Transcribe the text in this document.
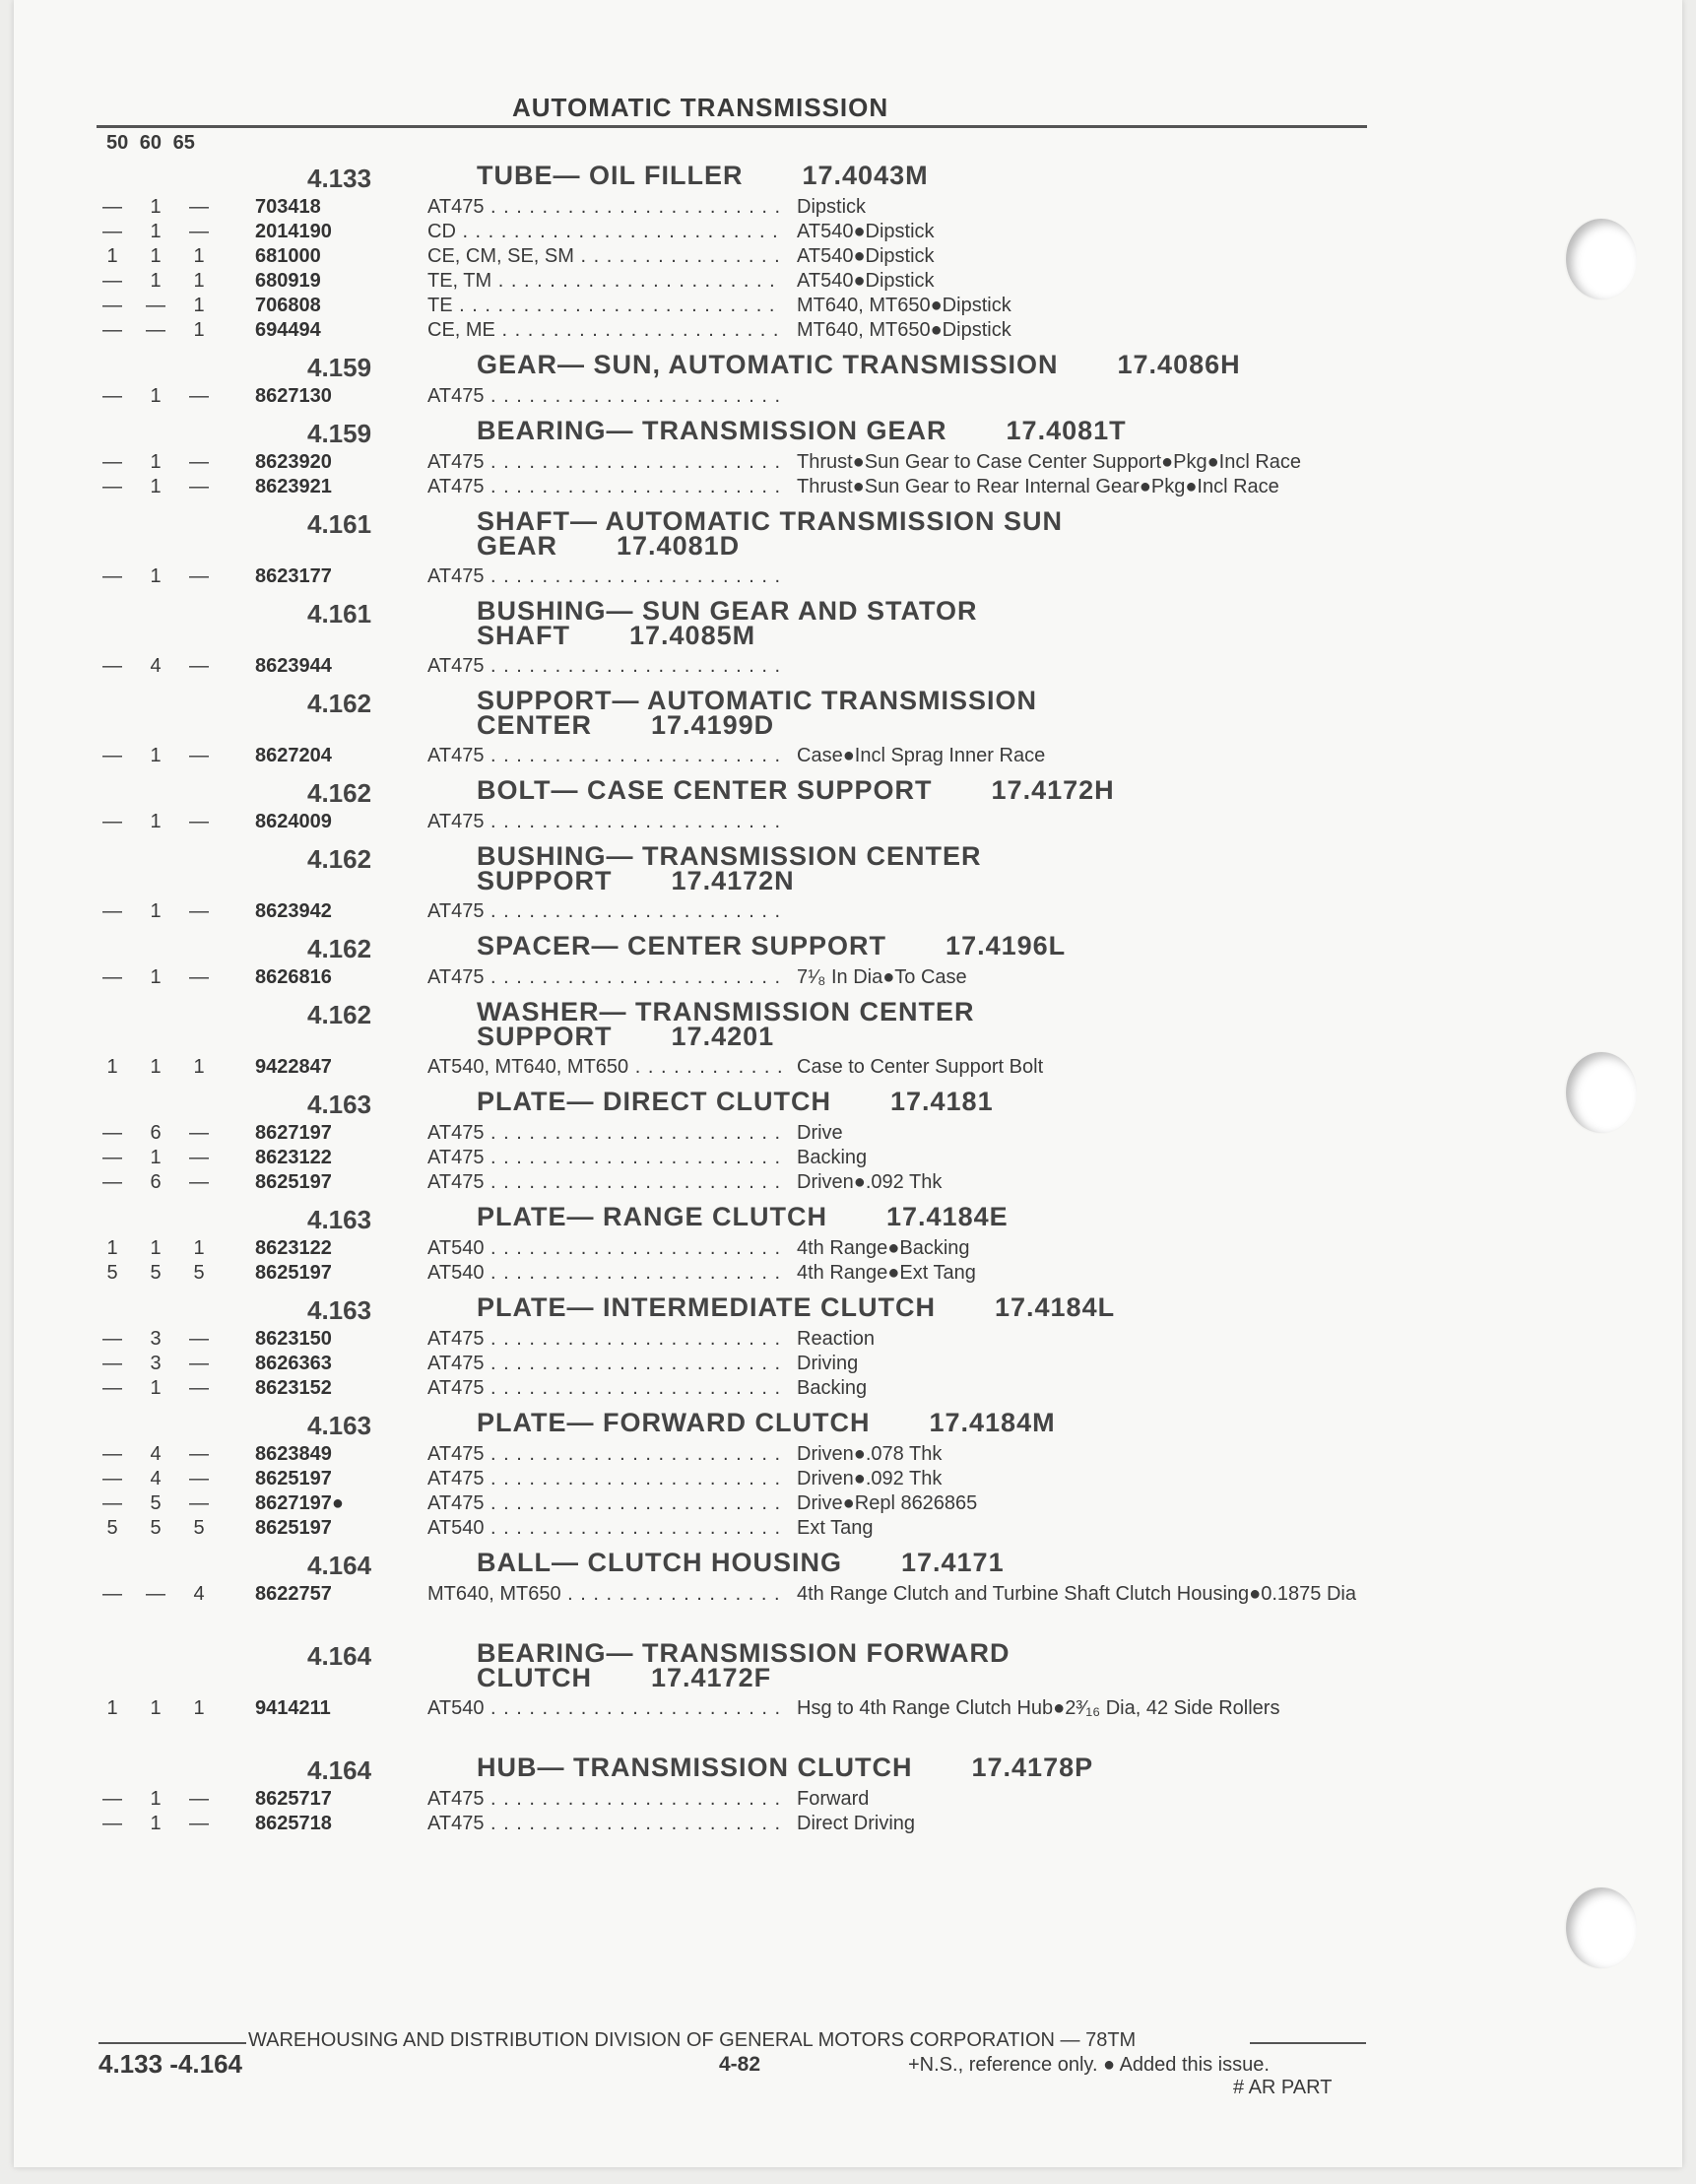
AUTOMATIC TRANSMISSION
50 60 65
4.133	TUBE— OIL FILLER 17.4043M
—	1	—	703418	AT475 . . .	Dipstick
—	1	—	2014190	CD . . .	AT540●Dipstick
1	1	1	681000	CE, CM, SE, SM . . .	AT540●Dipstick
—	1	1	680919	TE, TM . . .	AT540●Dipstick
—	—	1	706808	TE . . .	MT640, MT650●Dipstick
—	—	1	694494	CE, ME . . .	MT640, MT650●Dipstick
4.159	GEAR— SUN, AUTOMATIC TRANSMISSION 17.4086H
—	1	—	8627130	AT475 . . .
4.159	BEARING— TRANSMISSION GEAR 17.4081T
—	1	—	8623920	AT475 . . .	Thrust●Sun Gear to Case Center Support●Pkg●Incl Race
—	1	—	8623921	AT475 . . .	Thrust●Sun Gear to Rear Internal Gear●Pkg●Incl Race
4.161	SHAFT— AUTOMATIC TRANSMISSION SUN
GEAR 17.4081D
—	1	—	8623177	AT475 . . .
4.161	BUSHING— SUN GEAR AND STATOR
SHAFT 17.4085M
—	4	—	8623944	AT475 . . .
4.162	SUPPORT— AUTOMATIC TRANSMISSION
CENTER 17.4199D
—	1	—	8627204	AT475 . . .	Case●Incl Sprag Inner Race
4.162	BOLT— CASE CENTER SUPPORT 17.4172H
—	1	—	8624009	AT475 . . .
4.162	BUSHING— TRANSMISSION CENTER
SUPPORT 17.4172N
—	1	—	8623942	AT475 . . .
4.162	SPACER— CENTER SUPPORT 17.4196L
—	1	—	8626816	AT475 . . .	7¹⁄₈ In Dia●To Case
4.162	WASHER— TRANSMISSION CENTER
SUPPORT 17.4201
1	1	1	9422847	AT540, MT640, MT650 . . .	Case to Center Support Bolt
4.163	PLATE— DIRECT CLUTCH 17.4181
—	6	—	8627197	AT475 . . .	Drive
—	1	—	8623122	AT475 . . .	Backing
—	6	—	8625197	AT475 . . .	Driven●.092 Thk
4.163	PLATE— RANGE CLUTCH 17.4184E
1	1	1	8623122	AT540 . . .	4th Range●Backing
5	5	5	8625197	AT540 . . .	4th Range●Ext Tang
4.163	PLATE— INTERMEDIATE CLUTCH 17.4184L
—	3	—	8623150	AT475 . . .	Reaction
—	3	—	8626363	AT475 . . .	Driving
—	1	—	8623152	AT475 . . .	Backing
4.163	PLATE— FORWARD CLUTCH 17.4184M
—	4	—	8623849	AT475 . . .	Driven●.078 Thk
—	4	—	8625197	AT475 . . .	Driven●.092 Thk
—	5	—	8627197●	AT475 . . .	Drive●Repl 8626865
5	5	5	8625197	AT540 . . .	Ext Tang
4.164	BALL— CLUTCH HOUSING 17.4171
—	—	4	8622757	MT640, MT650 . . .	4th Range Clutch and Turbine Shaft Clutch Housing●0.1875 Dia
4.164	BEARING— TRANSMISSION FORWARD
CLUTCH 17.4172F
1	1	1	9414211	AT540 . . .	Hsg to 4th Range Clutch Hub●2³⁄₁₆ Dia, 42 Side Rollers
4.164	HUB— TRANSMISSION CLUTCH 17.4178P
—	1	—	8625717	AT475 . . .	Forward
—	1	—	8625718	AT475 . . .	Direct Driving
WAREHOUSING AND DISTRIBUTION DIVISION OF GENERAL MOTORS CORPORATION — 78TM
4.133 -4.164	4-82	+N.S., reference only. ● Added this issue.
# AR PART
